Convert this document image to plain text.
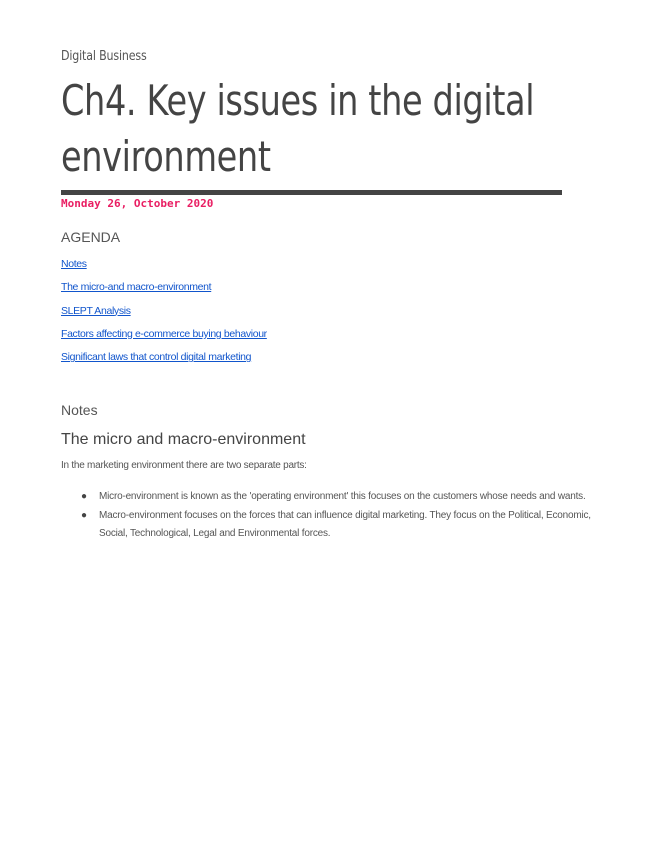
Digital Business
Ch4. Key issues in the digital environment
Monday 26, October 2020
AGENDA
Notes
The micro-and macro-environment
SLEPT Analysis
Factors affecting e-commerce buying behaviour
Significant laws that control digital marketing
Notes
The micro and macro-environment

In the marketing environment there are two separate parts:

● Micro-environment is known as the 'operating environment' this focuses on the customers whose needs and wants.
● Macro-environment focuses on the forces that can influence digital marketing. They focus on the Political, Economic, Social, Technological, Legal and Environmental forces.
